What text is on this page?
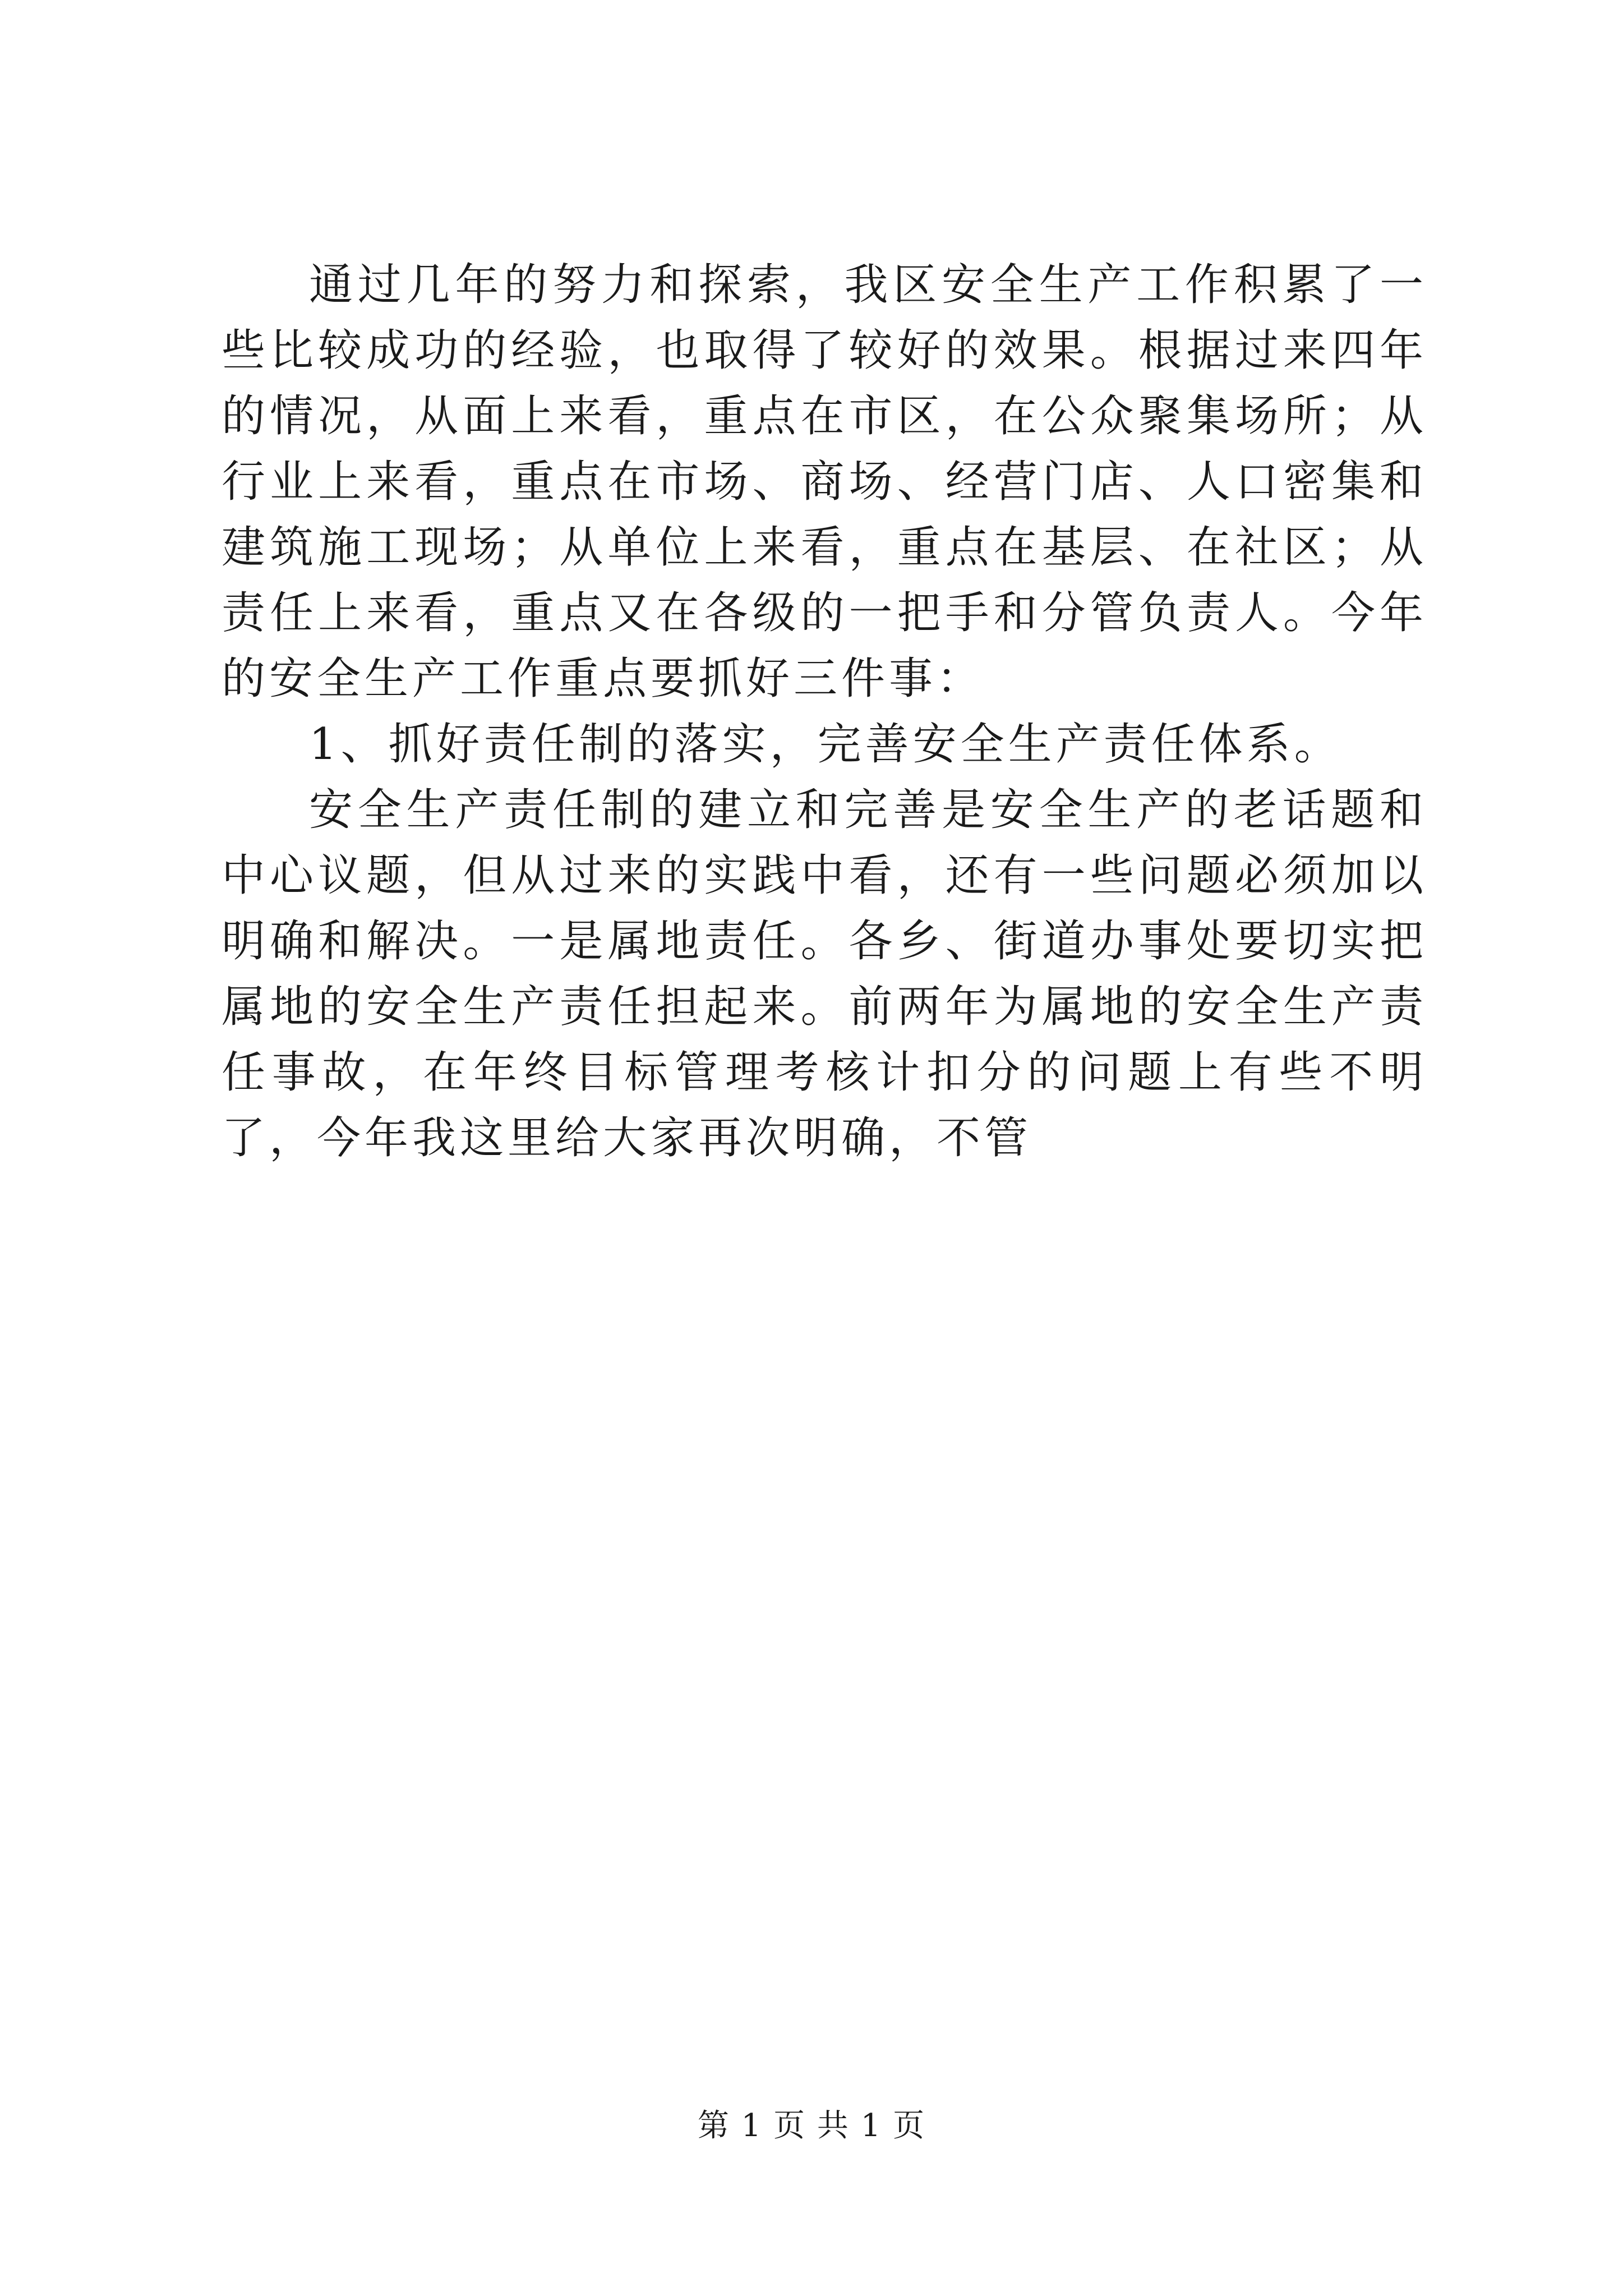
通过几年的努力和探索，我区安全生产工作积累了一些比较成功的经验，也取得了较好的效果。根据过来四年的情况，从面上来看，重点在市区，在公众聚集场所；从行业上来看，重点在市场、商场、经营门店、人口密集和建筑施工现场；从单位上来看，重点在基层、在社区；从责任上来看，重点又在各级的一把手和分管负责人。今年的安全生产工作重点要抓好三件事：

1、抓好责任制的落实，完善安全生产责任体系。

安全生产责任制的建立和完善是安全生产的老话题和中心议题，但从过来的实践中看，还有一些问题必须加以明确和解决。一是属地责任。各乡、街道办事处要切实把属地的安全生产责任担起来。前两年为属地的安全生产责任事故，在年终目标管理考核计扣分的问题上有些不明了，今年我这里给大家再次明确，不管

第 1 页 共 1 页
